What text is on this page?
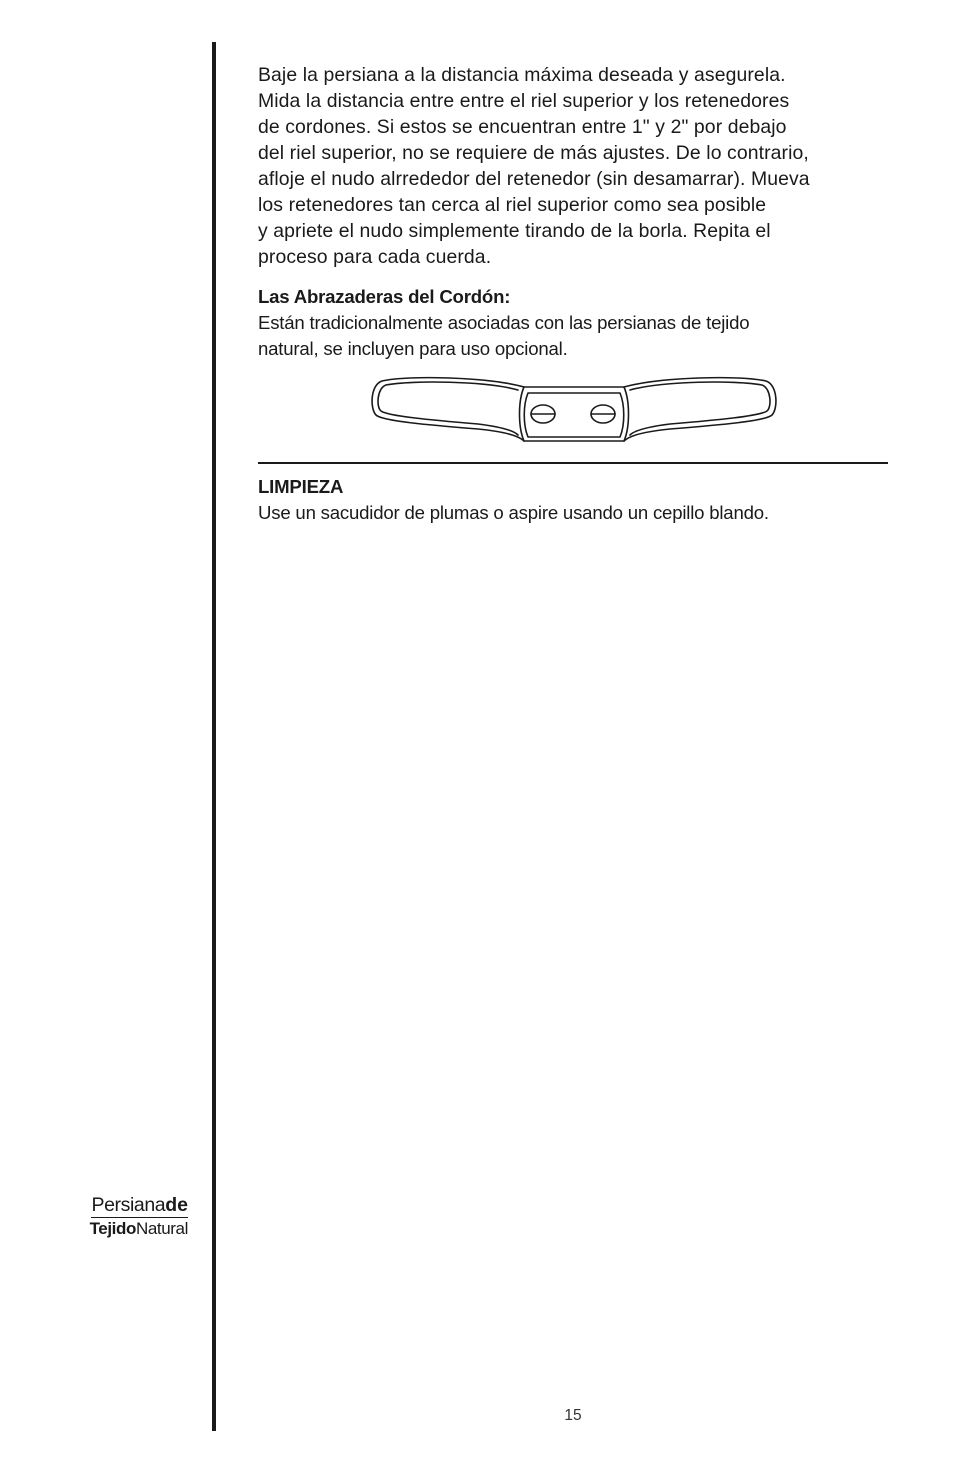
Baje la persiana a la distancia máxima deseada y asegurela.
Mida la distancia entre entre el riel superior y los retenedores
de cordones. Si estos se encuentran entre 1" y 2" por debajo
del riel superior, no se requiere de más ajustes. De lo contrario,
afloje el nudo alrrededor del retenedor (sin desamarrar). Mueva
los retenedores tan cerca al riel superior como sea posible
y apriete el nudo simplemente tirando de la borla. Repita el
proceso para cada cuerda.

Las Abrazaderas del Cordón:

Están tradicionalmente asociadas con las persianas de tejido
natural, se incluyen para uso opcional.

LIMPIEZA

Use un sacudidor de plumas o aspire usando un cepillo blando.

Persianade
TejidoNatural
15
